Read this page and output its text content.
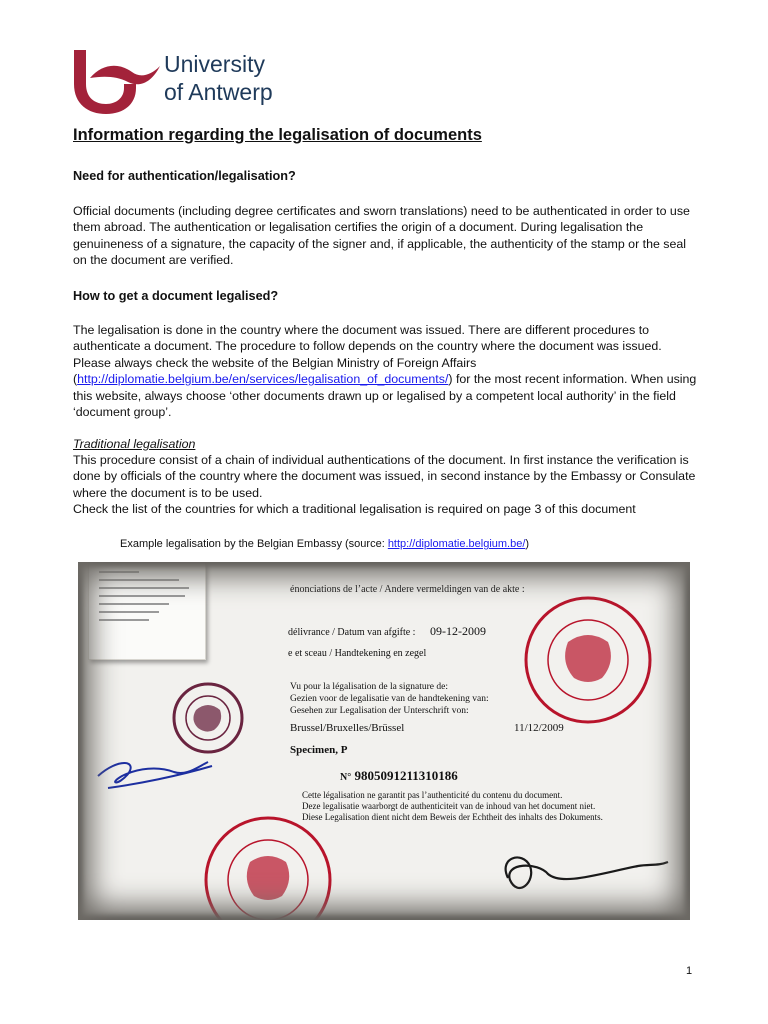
University
of Antwerp
Information regarding the legalisation of documents
Need for authentication/legalisation?

Official documents (including degree certificates and sworn translations) need to be authenticated in order to use them abroad. The authentication or legalisation certifies the origin of a document. During legalisation the genuineness of a signature, the capacity of the signer and, if applicable, the authenticity of the stamp or the seal on the document are verified.

How to get a document legalised?

The legalisation is done in the country where the document was issued. There are different procedures to authenticate a document. The procedure to follow depends on the country where the document was issued. Please always check the website of the Belgian Ministry of Foreign Affairs (http://diplomatie.belgium.be/en/services/legalisation_of_documents/) for the most recent information. When using this website, always choose ‘other documents drawn up or legalised by a competent local authority’ in the field ‘document group’.

Traditional legalisation

This procedure consist of a chain of individual authentications of the document. In first instance the verification is done by officials of the country where the document was issued, in second instance by the Embassy or Consulate where the document is to be used.

Check the list of the countries for which a traditional legalisation is required on page 3 of this document

Example legalisation by the Belgian Embassy (source: http://diplomatie.belgium.be/)
énonciations de l’acte / Andere vermeldingen van de akte :
délivrance / Datum van afgifte : 09-12-2009
e et sceau / Handtekening en zegel
Vu pour la légalisation de la signature de:
Gezien voor de legalisatie van de handtekening van:
Gesehen zur Legalisation der Unterschrift von:
Brussel/Bruxelles/Brüssel	11/12/2009
Specimen, P
N° 9805091211310186
Cette légalisation ne garantit pas l’authenticité du contenu du document.
Deze legalisatie waarborgt de authenticiteit van de inhoud van het document niet.
Diese Legalisation dient nicht dem Beweis der Echtheit des inhalts des Dokuments.
1
